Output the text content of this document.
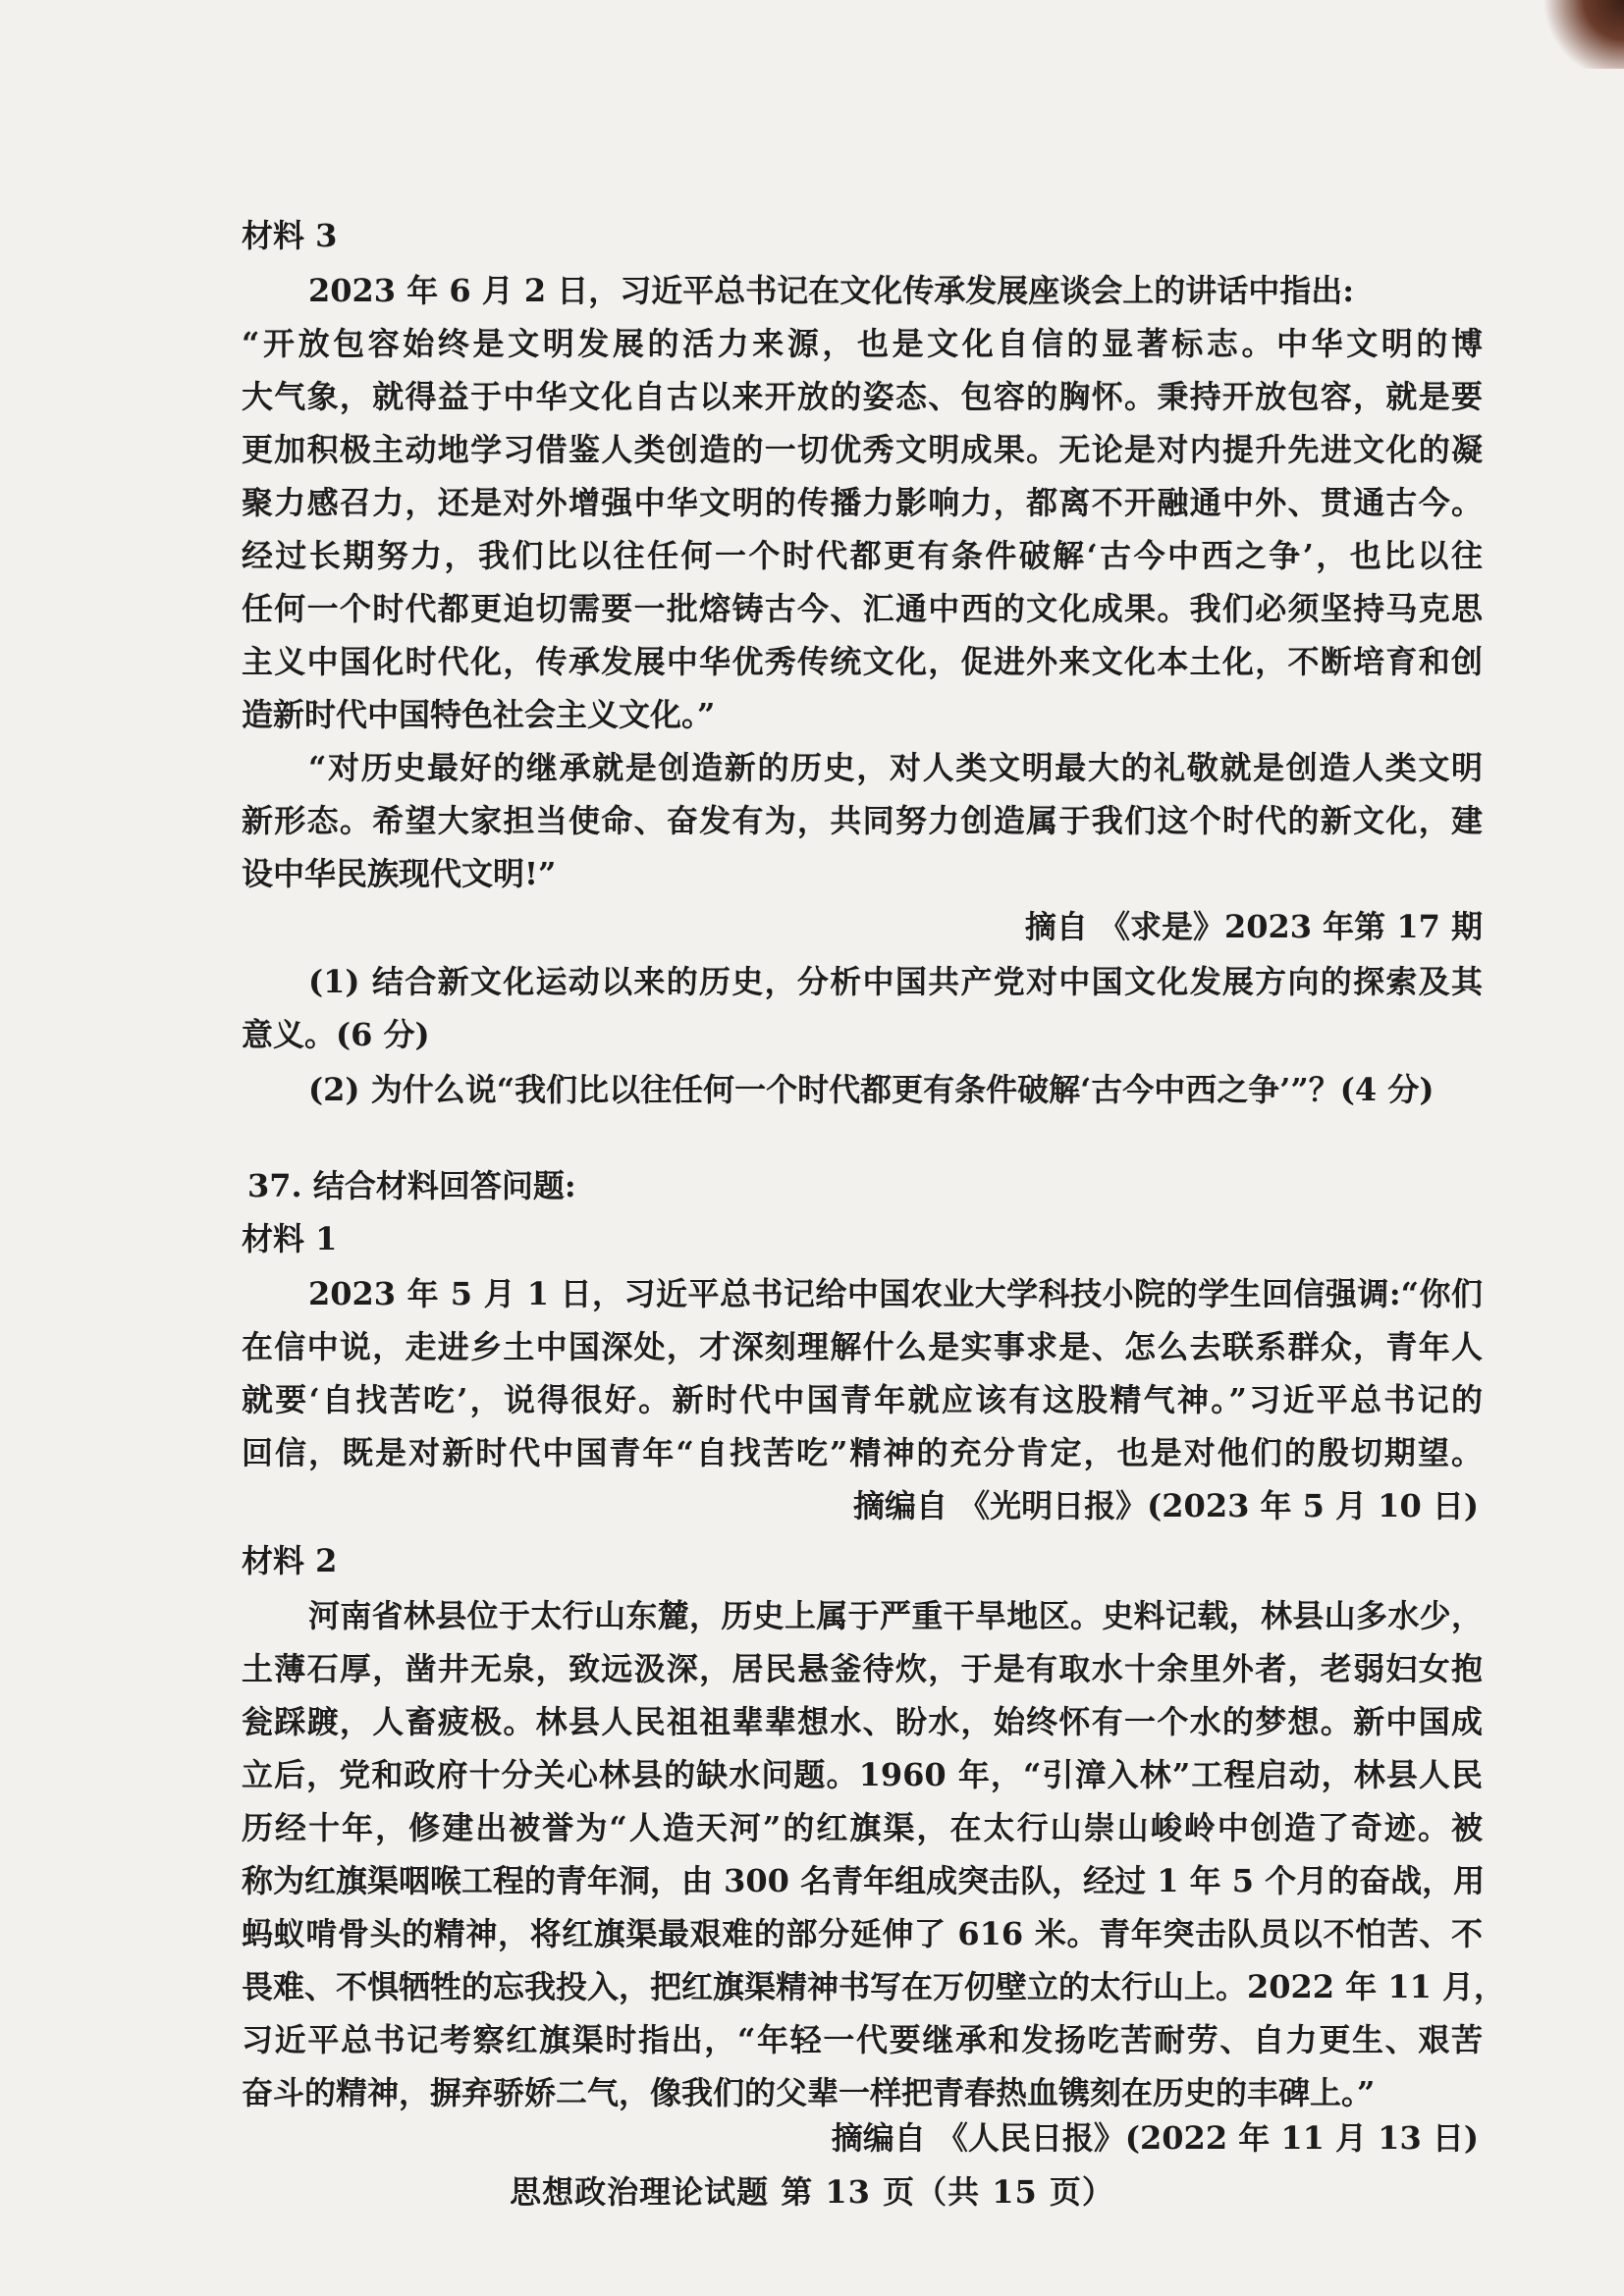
材料 3
2023 年 6 月 2 日，习近平总书记在文化传承发展座谈会上的讲话中指出:
“开放包容始终是文明发展的活力来源，也是文化自信的显著标志。中华文明的博
大气象，就得益于中华文化自古以来开放的姿态、包容的胸怀。秉持开放包容，就是要
更加积极主动地学习借鉴人类创造的一切优秀文明成果。无论是对内提升先进文化的凝
聚力感召力，还是对外增强中华文明的传播力影响力，都离不开融通中外、贯通古今。
经过长期努力，我们比以往任何一个时代都更有条件破解‘古今中西之争’，也比以往
任何一个时代都更迫切需要一批熔铸古今、汇通中西的文化成果。我们必须坚持马克思
主义中国化时代化，传承发展中华优秀传统文化，促进外来文化本土化，不断培育和创
造新时代中国特色社会主义文化。”
“对历史最好的继承就是创造新的历史，对人类文明最大的礼敬就是创造人类文明
新形态。希望大家担当使命、奋发有为，共同努力创造属于我们这个时代的新文化，建
设中华民族现代文明!”
摘自 《求是》2023 年第 17 期
(1) 结合新文化运动以来的历史，分析中国共产党对中国文化发展方向的探索及其
意义。(6 分)
(2) 为什么说“我们比以往任何一个时代都更有条件破解‘古今中西之争’”？(4 分)
37. 结合材料回答问题:
材料 1
2023 年 5 月 1 日，习近平总书记给中国农业大学科技小院的学生回信强调:“你们
在信中说，走进乡土中国深处，才深刻理解什么是实事求是、怎么去联系群众，青年人
就要‘自找苦吃’，说得很好。新时代中国青年就应该有这股精气神。”习近平总书记的
回信，既是对新时代中国青年“自找苦吃”精神的充分肯定，也是对他们的殷切期望。
摘编自 《光明日报》(2023 年 5 月 10 日)
材料 2
河南省林县位于太行山东麓，历史上属于严重干旱地区。史料记载，林县山多水少，
土薄石厚，凿井无泉，致远汲深，居民悬釜待炊，于是有取水十余里外者，老弱妇女抱
瓮踩踱，人畜疲极。林县人民祖祖辈辈想水、盼水，始终怀有一个水的梦想。新中国成
立后，党和政府十分关心林县的缺水问题。1960 年，“引漳入林”工程启动，林县人民
历经十年，修建出被誉为“人造天河”的红旗渠，在太行山崇山峻岭中创造了奇迹。被
称为红旗渠咽喉工程的青年洞，由 300 名青年组成突击队，经过 1 年 5 个月的奋战，用
蚂蚁啃骨头的精神，将红旗渠最艰难的部分延伸了 616 米。青年突击队员以不怕苦、不
畏难、不惧牺牲的忘我投入，把红旗渠精神书写在万仞壁立的太行山上。2022 年 11 月，
习近平总书记考察红旗渠时指出，“年轻一代要继承和发扬吃苦耐劳、自力更生、艰苦
奋斗的精神，摒弃骄娇二气，像我们的父辈一样把青春热血镌刻在历史的丰碑上。”
摘编自 《人民日报》(2022 年 11 月 13 日)
思想政治理论试题 第 13 页（共 15 页）
